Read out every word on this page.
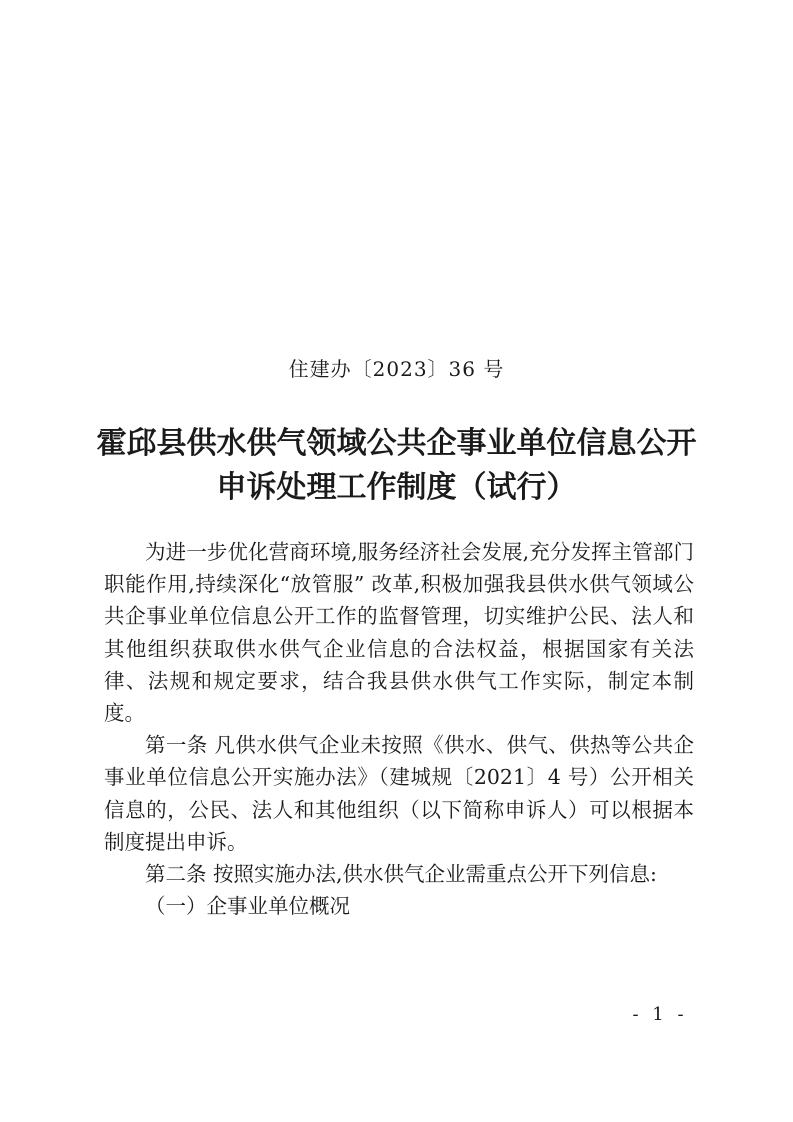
住建办〔2023〕36 号
霍邱县供水供气领域公共企事业单位信息公开
申诉处理工作制度（试行）

为进一步优化营商环境,服务经济社会发展,充分发挥主管部门职能作用,持续深化“放管服” 改革,积极加强我县供水供气领域公共企事业单位信息公开工作的监督管理，切实维护公民、法人和其他组织获取供水供气企业信息的合法权益，根据国家有关法律、法规和规定要求，结合我县供水供气工作实际，制定本制度。

第一条 凡供水供气企业未按照《供水、供气、供热等公共企事业单位信息公开实施办法》（建城规〔2021〕4 号）公开相关信息的，公民、法人和其他组织（以下简称申诉人）可以根据本制度提出申诉。

第二条 按照实施办法,供水供气企业需重点公开下列信息:

（一）企事业单位概况

- 1 -
